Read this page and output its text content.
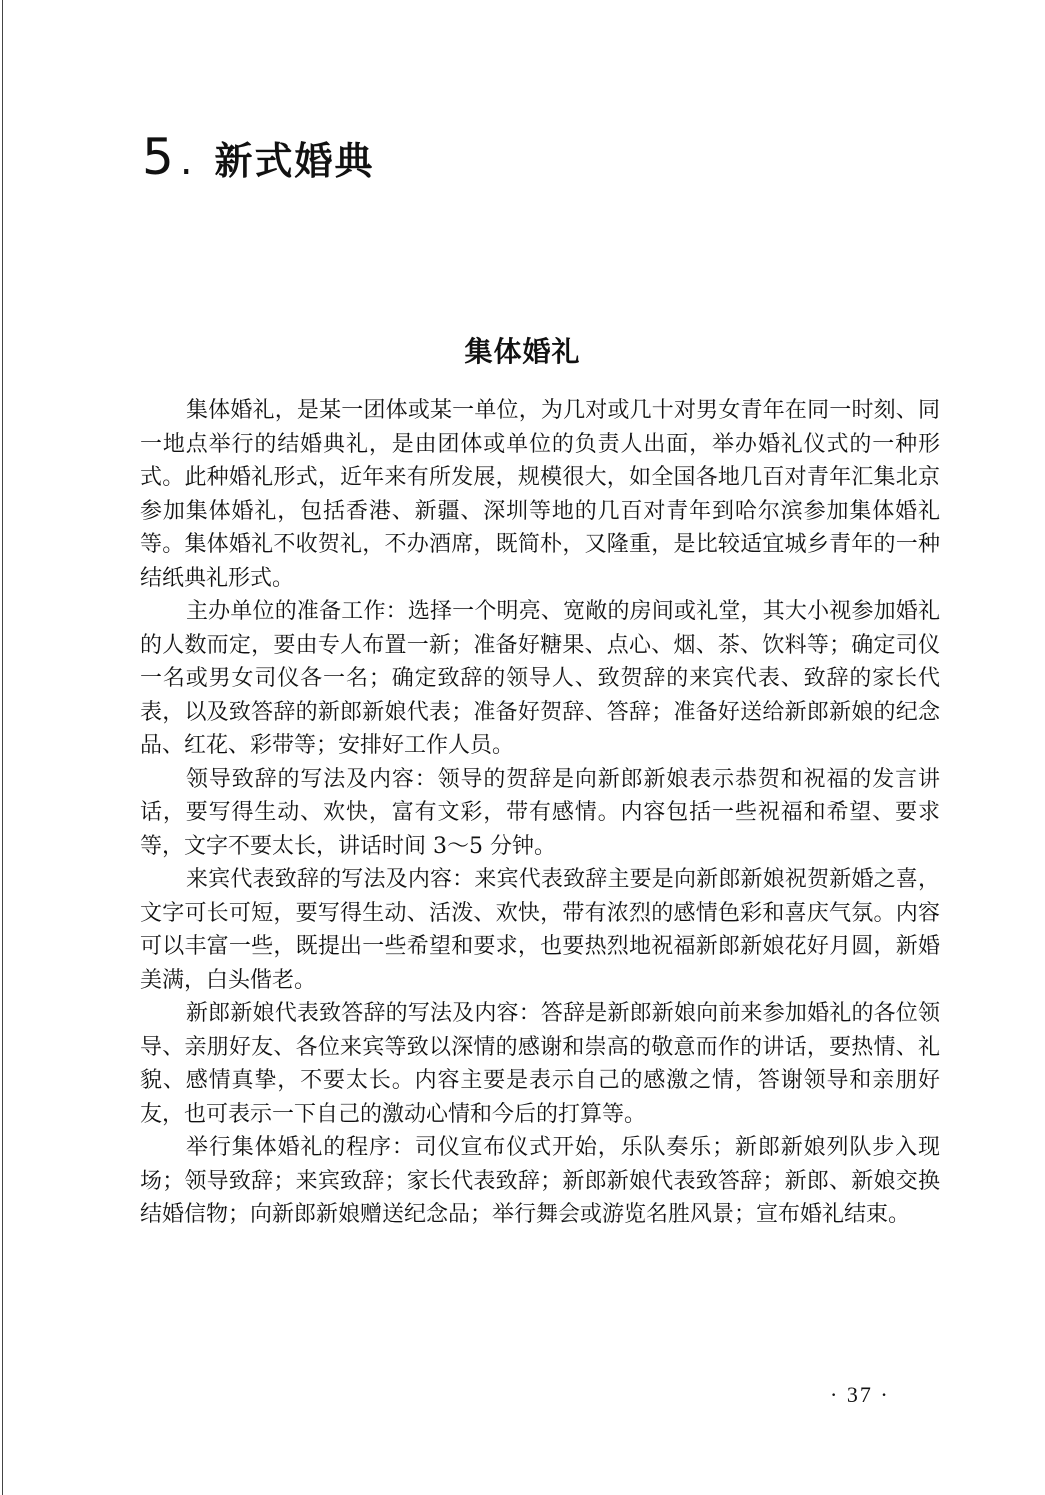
5 . 新式婚典
集体婚礼

集体婚礼，是某一团体或某一单位，为几对或几十对男女青年在同一时刻、同一地点举行的结婚典礼，是由团体或单位的负责人出面，举办婚礼仪式的一种形式。此种婚礼形式，近年来有所发展，规模很大，如全国各地几百对青年汇集北京参加集体婚礼，包括香港、新疆、深圳等地的几百对青年到哈尔滨参加集体婚礼等。集体婚礼不收贺礼，不办酒席，既简朴，又隆重，是比较适宜城乡青年的一种结纸典礼形式。

主办单位的准备工作：选择一个明亮、宽敞的房间或礼堂，其大小视参加婚礼的人数而定，要由专人布置一新；准备好糖果、点心、烟、茶、饮料等；确定司仪一名或男女司仪各一名；确定致辞的领导人、致贺辞的来宾代表、致辞的家长代表，以及致答辞的新郎新娘代表；准备好贺辞、答辞；准备好送给新郎新娘的纪念品、红花、彩带等；安排好工作人员。

领导致辞的写法及内容：领导的贺辞是向新郎新娘表示恭贺和祝福的发言讲话，要写得生动、欢快，富有文彩，带有感情。内容包括一些祝福和希望、要求等，文字不要太长，讲话时间 3～5 分钟。

来宾代表致辞的写法及内容：来宾代表致辞主要是向新郎新娘祝贺新婚之喜，文字可长可短，要写得生动、活泼、欢快，带有浓烈的感情色彩和喜庆气氛。内容可以丰富一些，既提出一些希望和要求，也要热烈地祝福新郎新娘花好月圆，新婚美满，白头偕老。

新郎新娘代表致答辞的写法及内容：答辞是新郎新娘向前来参加婚礼的各位领导、亲朋好友、各位来宾等致以深情的感谢和崇高的敬意而作的讲话，要热情、礼貌、感情真挚，不要太长。内容主要是表示自己的感激之情，答谢领导和亲朋好友，也可表示一下自己的激动心情和今后的打算等。

举行集体婚礼的程序：司仪宣布仪式开始，乐队奏乐；新郎新娘列队步入现场；领导致辞；来宾致辞；家长代表致辞；新郎新娘代表致答辞；新郎、新娘交换结婚信物；向新郎新娘赠送纪念品；举行舞会或游览名胜风景；宣布婚礼结束。

· 37 ·
